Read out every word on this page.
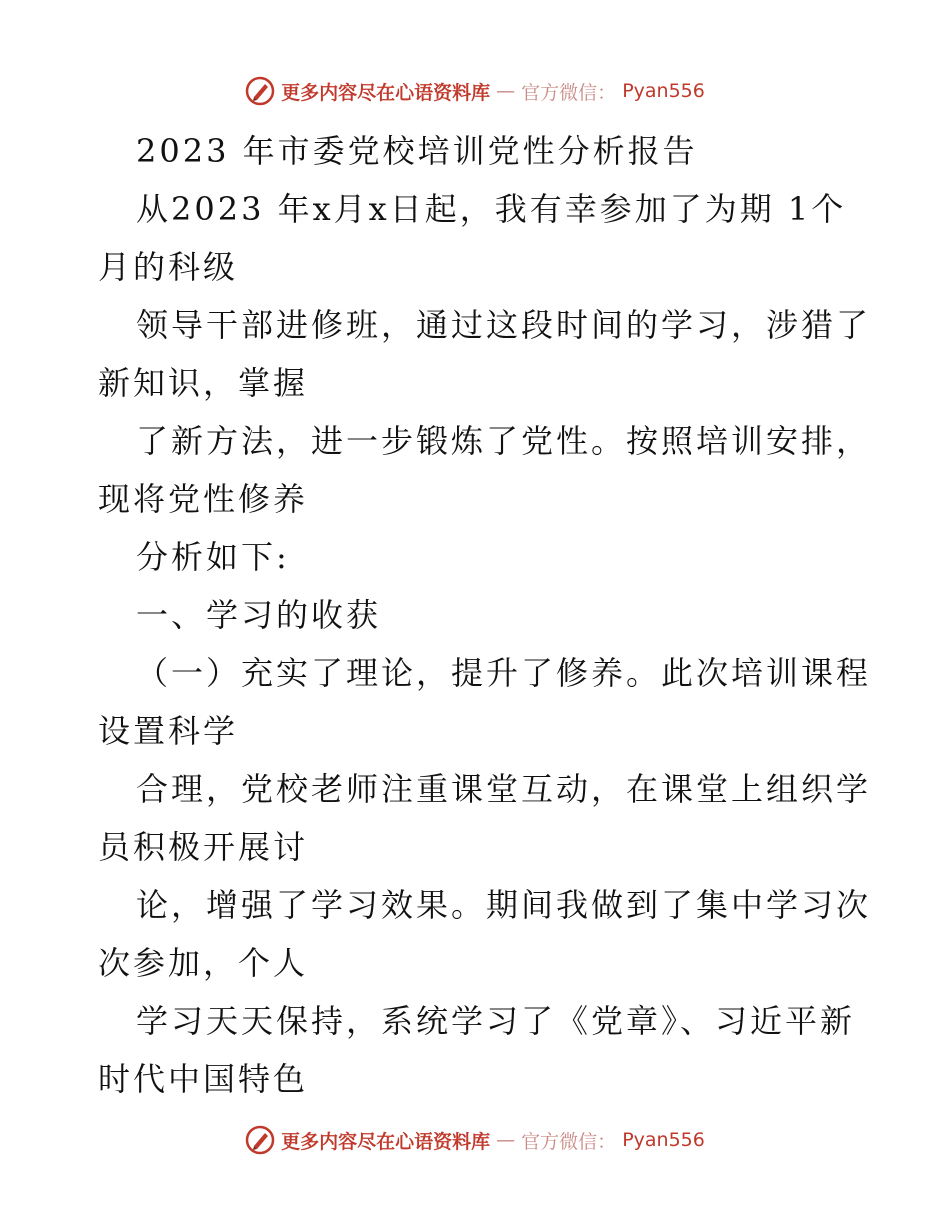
更多内容尽在心语资料库 — 官方微信： Pyan556
2023 年市委党校培训党性分析报告
从2023 年x月x日起，我有幸参加了为期 1个
月的科级
领导干部进修班，通过这段时间的学习，涉猎了
新知识，掌握
了新方法，进一步锻炼了党性。按照培训安排，
现将党性修养
分析如下:
一、学习的收获
（一）充实了理论，提升了修养。此次培训课程
设置科学
合理，党校老师注重课堂互动，在课堂上组织学
员积极开展讨
论，增强了学习效果。期间我做到了集中学习次
次参加，个人
学习天天保持，系统学习了《党章》、习近平新
时代中国特色
更多内容尽在心语资料库 — 官方微信： Pyan556
